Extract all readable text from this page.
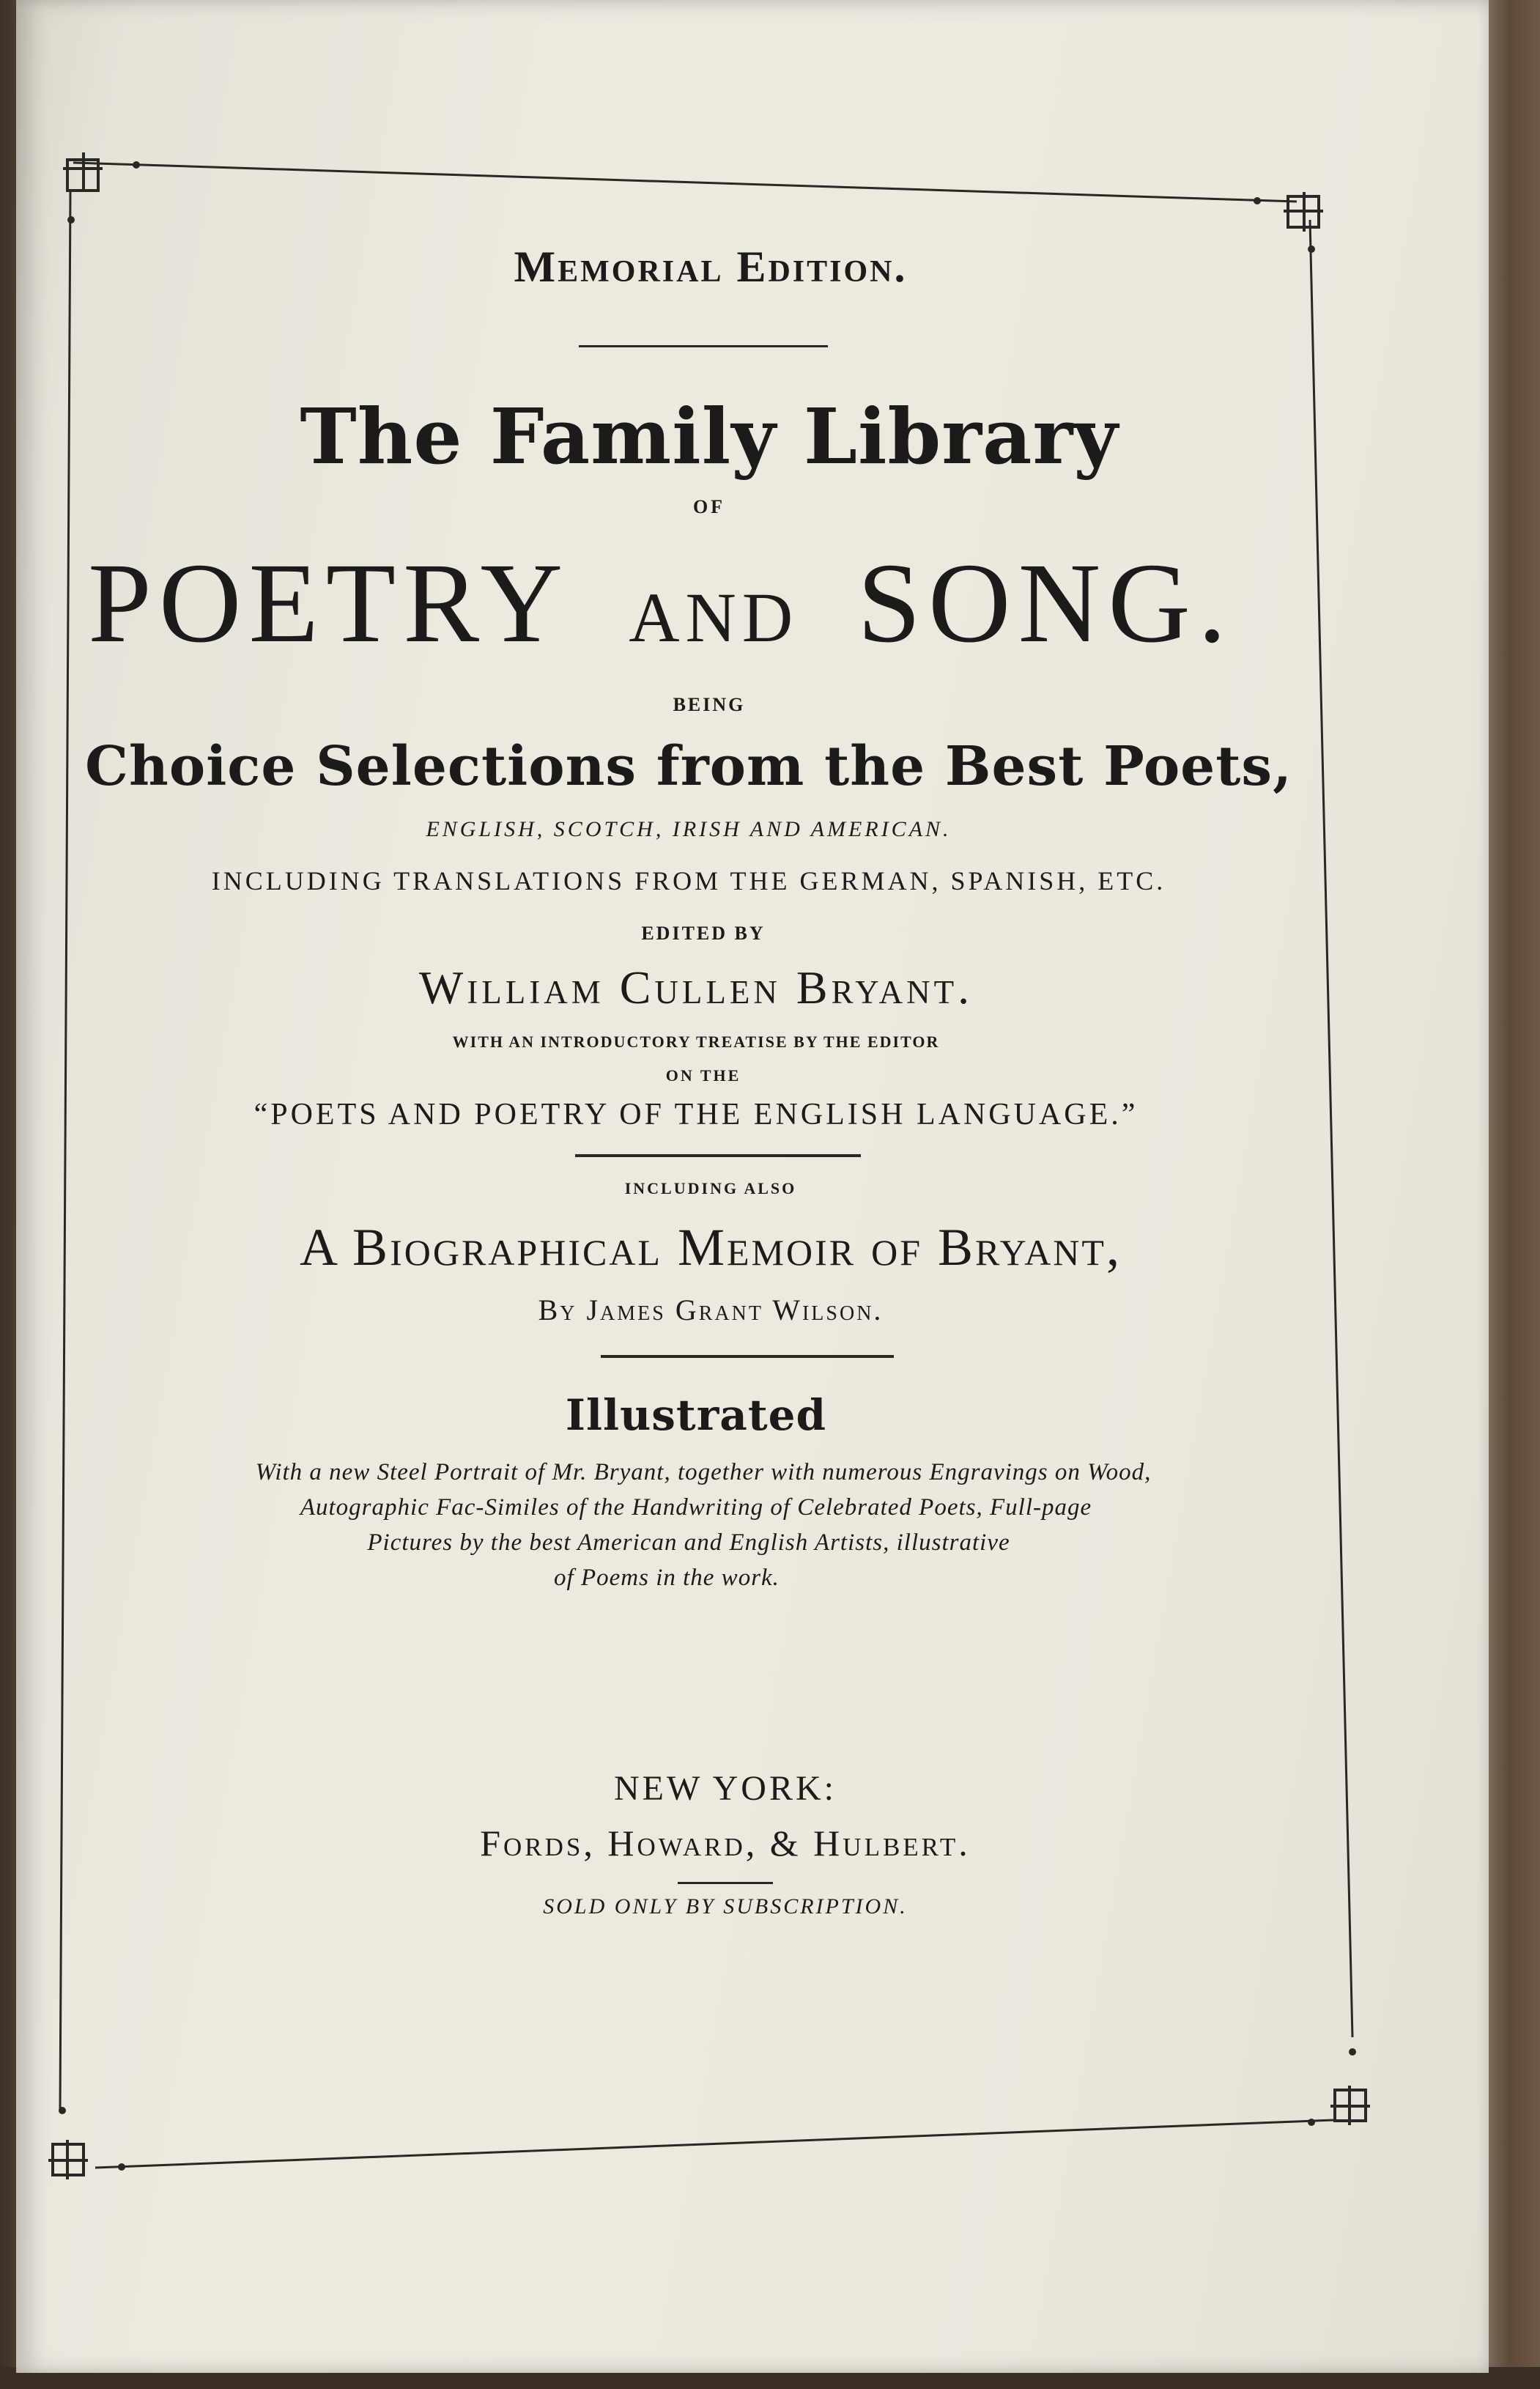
Memorial Edition.
The Family Library
OF
POETRY AND SONG.
BEING
Choice Selections from the Best Poets,
ENGLISH, SCOTCH, IRISH AND AMERICAN.
INCLUDING TRANSLATIONS FROM THE GERMAN, SPANISH, ETC.
EDITED BY
William Cullen Bryant.
WITH AN INTRODUCTORY TREATISE BY THE EDITOR
ON THE
“POETS AND POETRY OF THE ENGLISH LANGUAGE.”
INCLUDING ALSO
A Biographical Memoir of Bryant,
By James Grant Wilson.
Illustrated
With a new Steel Portrait of Mr. Bryant, together with numerous Engravings on Wood,
Autographic Fac-Similes of the Handwriting of Celebrated Poets, Full-page
Pictures by the best American and English Artists, illustrative
of Poems in the work.
NEW YORK:
Fords, Howard, & Hulbert.
SOLD ONLY BY SUBSCRIPTION.
